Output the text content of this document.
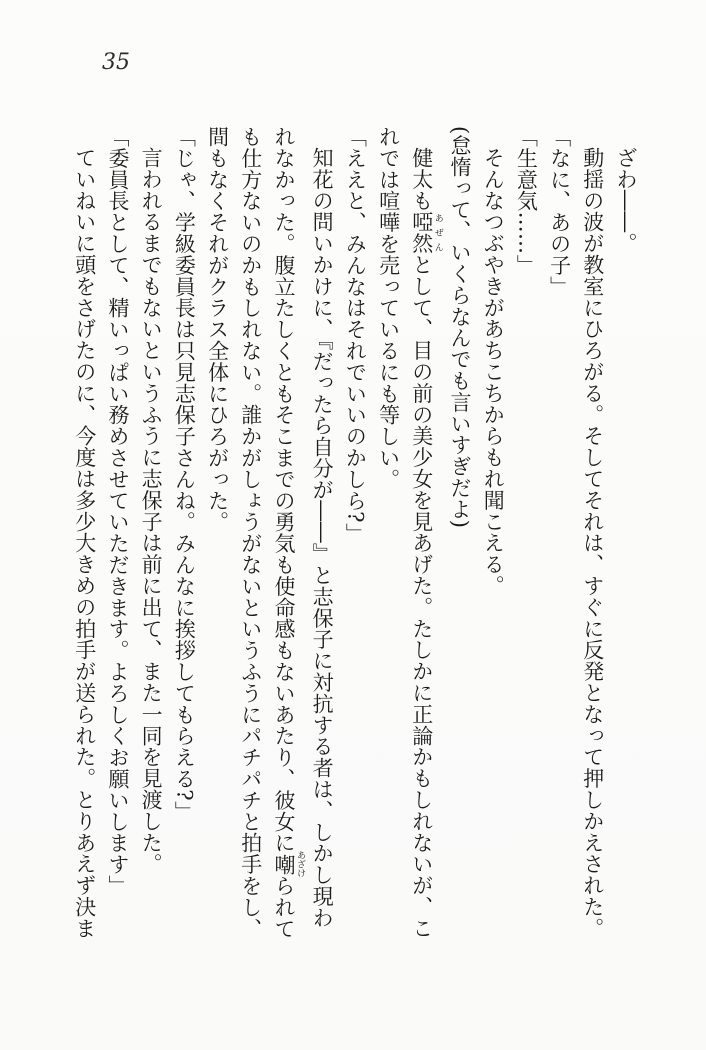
35
ざわ――。
動揺の波が教室にひろがる。そしてそれは、すぐに反発となって押しかえされた。
「なに、あの子」
「生意気……」
そんなつぶやきがあちこちからもれ聞こえる。
(怠惰って、いくらなんでも言いすぎだよ)
健太も啞然 あぜんとして、目の前の美少女を見あげた。たしかに正論かもしれないが、こ
れでは喧嘩を売っているにも等しい。
「ええと、みんなはそれでいいのかしら?」
知花の問いかけに、『だったら自分が――』と志保子に対抗する者は、しかし現わ
れなかった。腹立たしくともそこまでの勇気も使命感もないあたり、彼女に嘲 あざけられて
も仕方ないのかもしれない。誰かがしょうがないというふうにパチパチと拍手をし、
間もなくそれがクラス全体にひろがった。
「じゃ、学級委員長は只見志保子さんね。みんなに挨拶してもらえる?」
言われるまでもないというふうに志保子は前に出て、また一同を見渡した。
「委員長として、精いっぱい務めさせていただきます。よろしくお願いします」
ていねいに頭をさげたのに、今度は多少大きめの拍手が送られた。とりあえず決ま
